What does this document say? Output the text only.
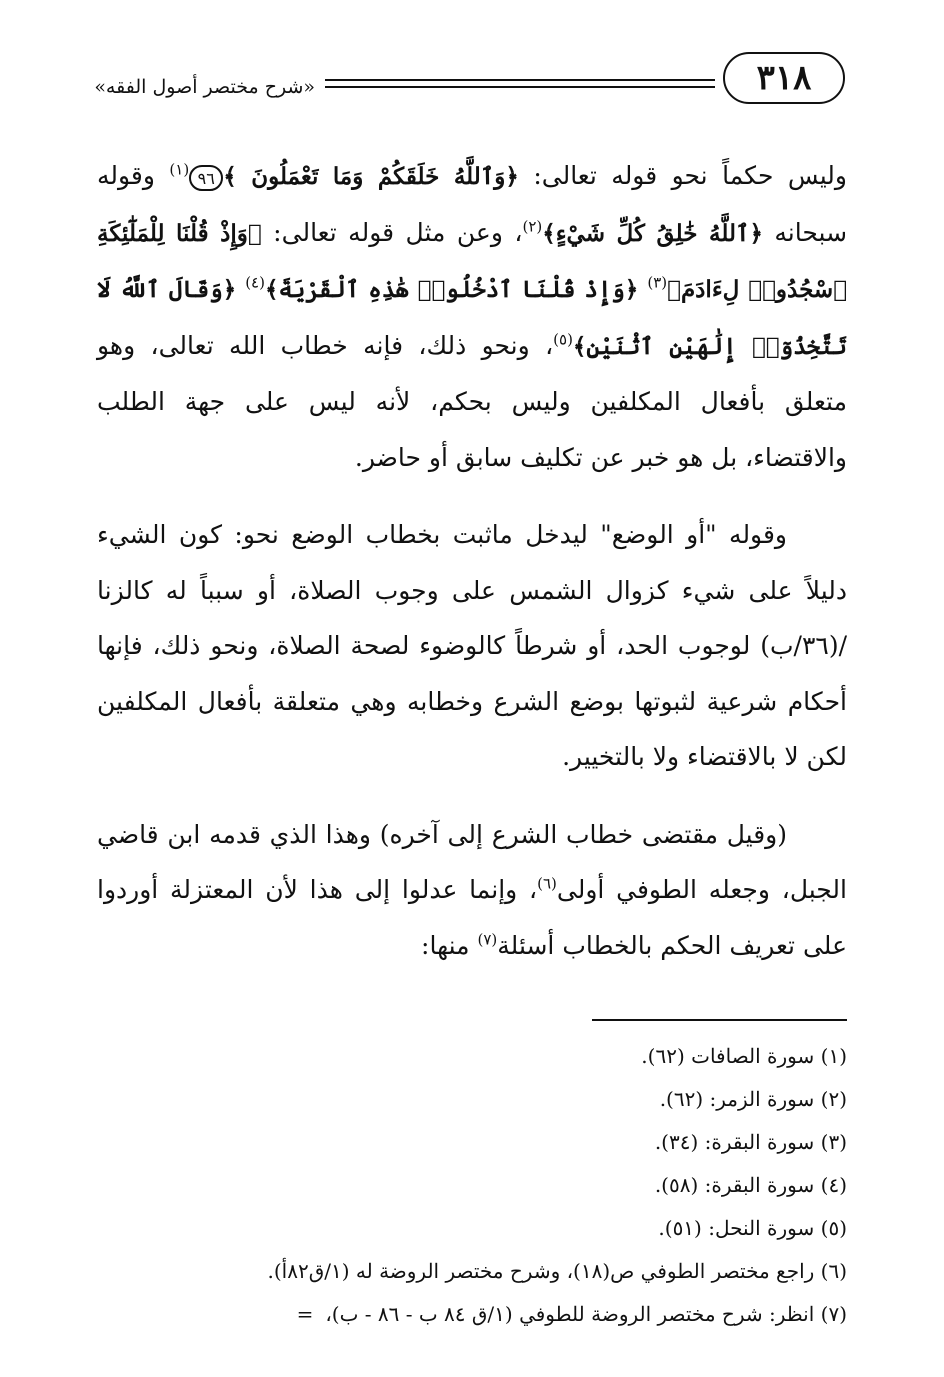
٣١٨
«شرح مختصر أصول الفقه»

وليس حكماً نحو قوله تعالى: ﴿وَٱللَّهُ خَلَقَكُمْ وَمَا تَعْمَلُونَ ﴾٩٦$^{(١)}$ وقوله سبحانه ﴿ٱللَّهُ خَٰلِقُ كُلِّ شَيْءٍ﴾$^{(٢)}$، وعن مثل قوله تعالى: ﴿وَإِذْ قُلْنَا لِلْمَلَٰٓئِكَةِ ٱسْجُدُوا۟ لِءَادَمَ﴾$^{(٣)}$ ﴿وَإِذْ قُلْنَا ٱدْخُلُوا۟ هَٰذِهِ ٱلْقَرْيَةَ﴾$^{(٤)}$ ﴿وَقَالَ ٱللَّهُ لَا تَتَّخِذُوٓا۟ إِلَٰهَيْنِ ٱثْنَيْنِ﴾$^{(٥)}$، ونحو ذلك، فإنه خطاب الله تعالى، وهو متعلق بأفعال المكلفين وليس بحكم، لأنه ليس على جهة الطلب والاقتضاء، بل هو خبر عن تكليف سابق أو حاضر.

وقوله "أو الوضع" ليدخل ماثبت بخطاب الوضع نحو: كون الشيء دليلاً على شيء كزوال الشمس على وجوب الصلاة، أو سبباً له كالزنا /(٣٦/ب) لوجوب الحد، أو شرطاً كالوضوء لصحة الصلاة، ونحو ذلك، فإنها أحكام شرعية لثبوتها بوضع الشرع وخطابه وهي متعلقة بأفعال المكلفين لكن لا بالاقتضاء ولا بالتخيير.

(وقيل مقتضى خطاب الشرع إلى آخره) وهذا الذي قدمه ابن قاضي الجبل، وجعله الطوفي أولى$^{(٦)}$، وإنما عدلوا إلى هذا لأن المعتزلة أوردوا على تعريف الحكم بالخطاب أسئلة$^{(٧)}$ منها:

(١) سورة الصافات (٦٢).
(٢) سورة الزمر: (٦٢).
(٣) سورة البقرة: (٣٤).
(٤) سورة البقرة: (٥٨).
(٥) سورة النحل: (٥١).
(٦) راجع مختصر الطوفي ص(١٨)، وشرح مختصر الروضة له (١/ق٨٢أ).
(٧) انظر: شرح مختصر الروضة للطوفي (١/ق ٨٤ ب - ٨٦ - ب)،=
